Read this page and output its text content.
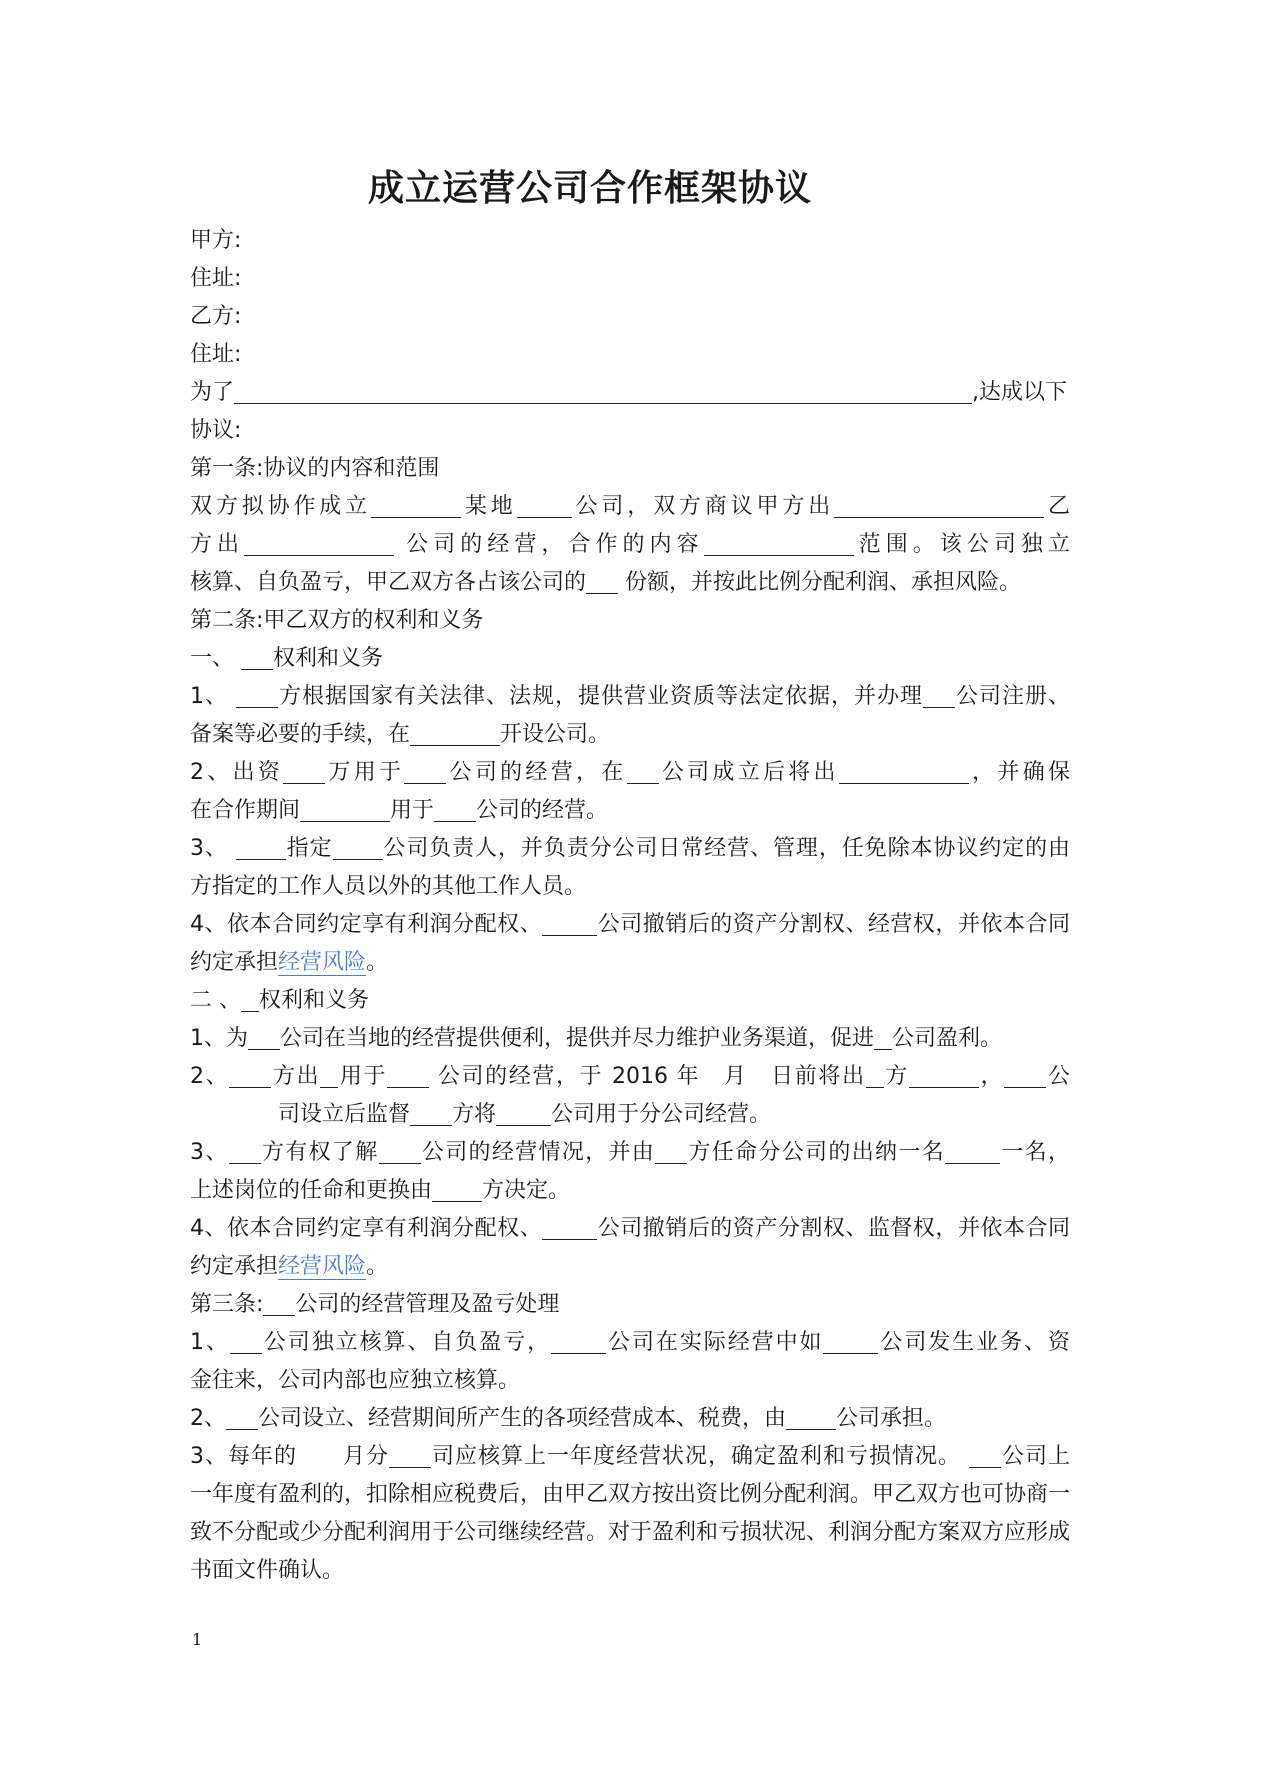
成立运营公司合作框架协议
甲方:
住址:
乙方:
住址:
为了	,达成以下
协议:
第一条:协议的内容和范围
双方拟协作成立	某地	公司，双方商议甲方出	乙
方出	公司的经营，合作的内容	范围。该公司独立
核算、自负盈亏，甲乙双方各占该公司的 份额，并按此比例分配利润、承担风险。
第二条:甲乙双方的权利和义务
一、 权利和义务
1、 方根据国家有关法律、法规，提供营业资质等法定依据，并办理 公司注册、
备案等必要的手续，在	开设公司。
2、出资 万用于 公司的经营，在 公司成立后将出	，并确保
在合作期间	用于 公司的经营。
3、	指定 公司负责人，并负责分公司日常经营、管理，任免除本协议约定的由
方指定的工作人员以外的其他工作人员。
4、依本合同约定享有利润分配权、	公司撤销后的资产分割权、经营权，并依本合同
约定承担经营风险。
二 、 权利和义务
1、为 公司在当地的经营提供便利，提供并尽力维护业务渠道，促进 公司盈利。
2、 方出 用于 公司的经营，于 2016 年　月　日前将出 方	， 公
司设立后监督 方将	公司用于分公司经营。
3、 方有权了解 公司的经营情况，并由 方任命分公司的出纳一名	一名，
上述岗位的任命和更换由 方决定。
4、依本合同约定享有利润分配权、	公司撤销后的资产分割权、监督权，并依本合同
约定承担经营风险。
第三条: 公司的经营管理及盈亏处理
1、 公司独立核算、自负盈亏，	公司在实际经营中如	公司发生业务、资
金往来，公司内部也应独立核算。
2、 公司设立、经营期间所产生的各项经营成本、税费，由 公司承担。
3、每年的　　月分 司应核算上一年度经营状况，确定盈利和亏损情况。 公司上
一年度有盈利的，扣除相应税费后，由甲乙双方按出资比例分配利润。甲乙双方也可协商一
致不分配或少分配利润用于公司继续经营。对于盈利和亏损状况、利润分配方案双方应形成
书面文件确认。
1
